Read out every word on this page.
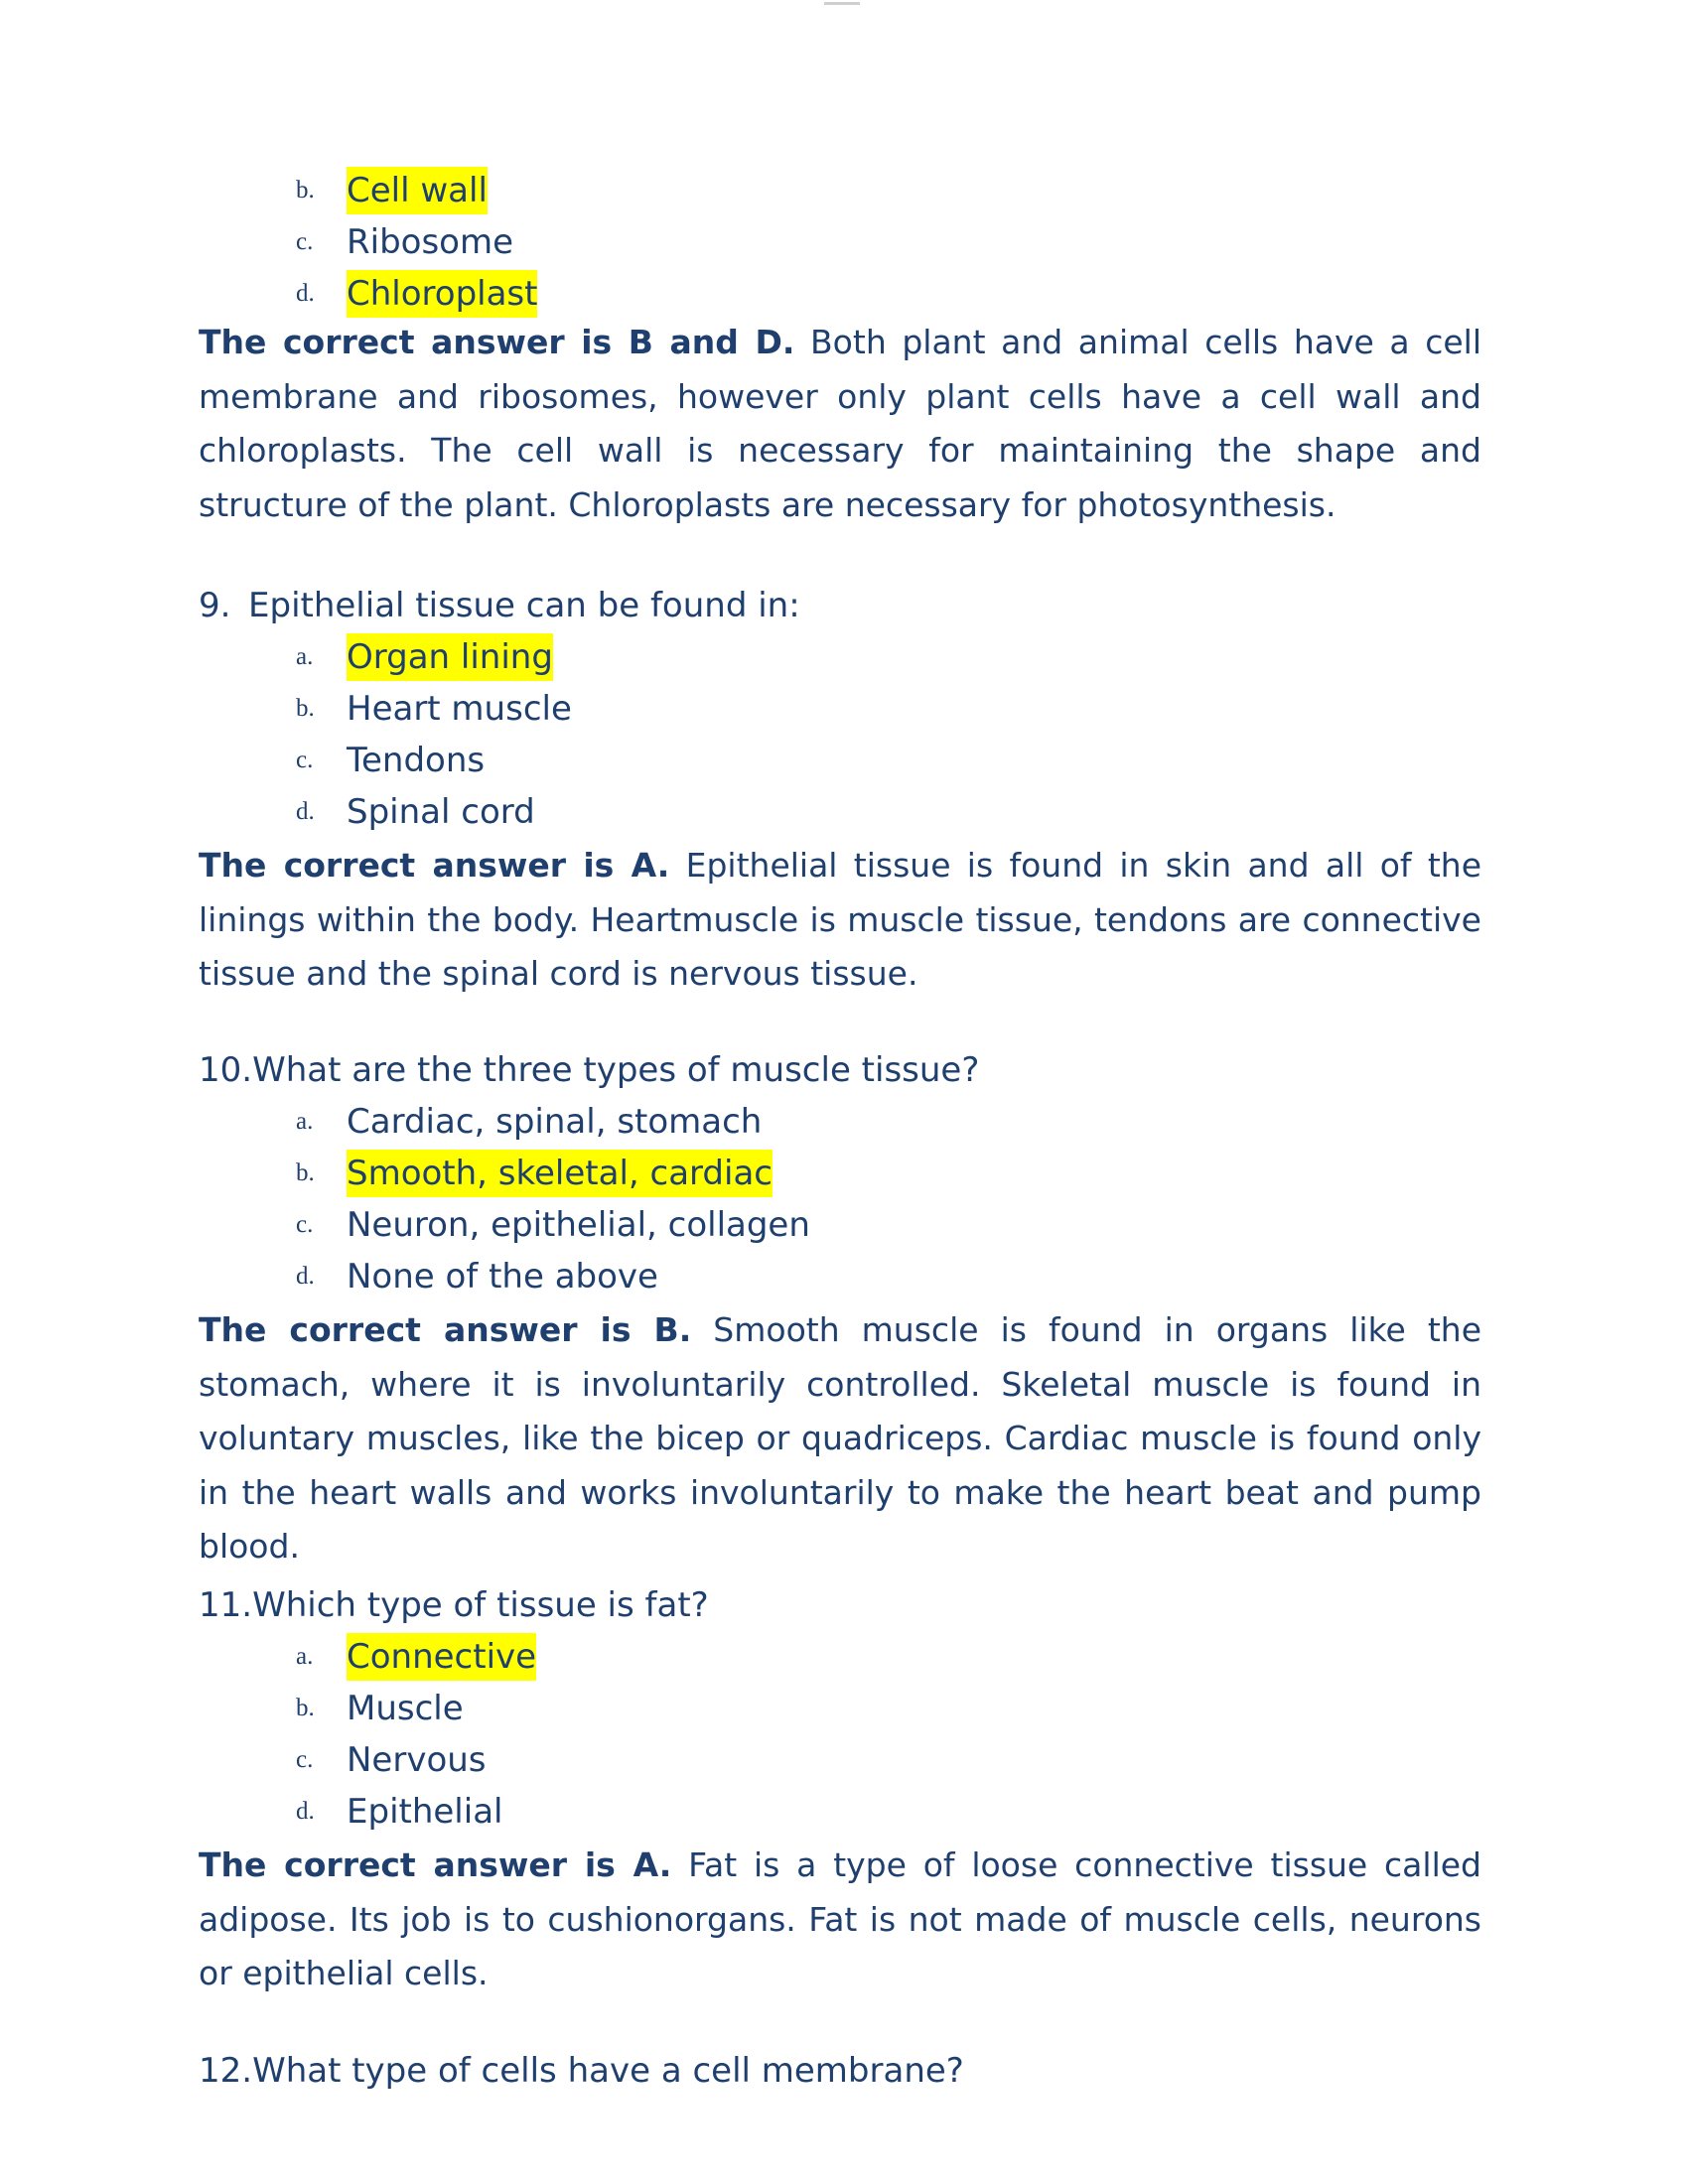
b. Cell wall
c. Ribosome
d. Chloroplast

The correct answer is B and D. Both plant and animal cells have a cell membrane and ribosomes, however only plant cells have a cell wall and chloroplasts. The cell wall is necessary for maintaining the shape and structure of the plant. Chloroplasts are necessary for photosynthesis.

9. Epithelial tissue can be found in:
a. Organ lining
b. Heart muscle
c. Tendons
d. Spinal cord

The correct answer is A. Epithelial tissue is found in skin and all of the linings within the body. Heartmuscle is muscle tissue, tendons are connective tissue and the spinal cord is nervous tissue.

10.What are the three types of muscle tissue?
a. Cardiac, spinal, stomach
b. Smooth, skeletal, cardiac
c. Neuron, epithelial, collagen
d. None of the above

The correct answer is B. Smooth muscle is found in organs like the stomach, where it is involuntarily controlled. Skeletal muscle is found in voluntary muscles, like the bicep or quadriceps. Cardiac muscle is found only in the heart walls and works involuntarily to make the heart beat and pump blood.

11.Which type of tissue is fat?
a. Connective
b. Muscle
c. Nervous
d. Epithelial

The correct answer is A. Fat is a type of loose connective tissue called adipose. Its job is to cushionorgans. Fat is not made of muscle cells, neurons or epithelial cells.

12.What type of cells have a cell membrane?
